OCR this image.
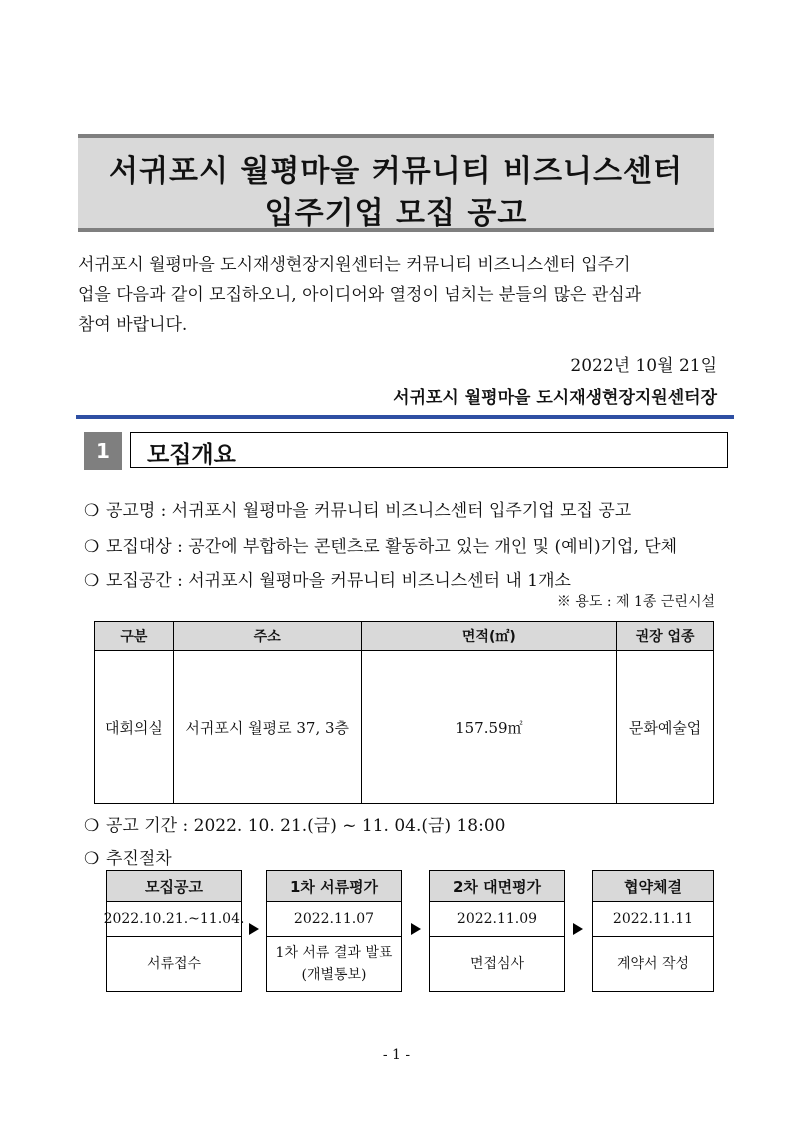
서귀포시 월평마을 커뮤니티 비즈니스센터
입주기업 모집 공고
서귀포시 월평마을 도시재생현장지원센터는 커뮤니티 비즈니스센터 입주기
업을 다음과 같이 모집하오니, 아이디어와 열정이 넘치는 분들의 많은 관심과
참여 바랍니다.
2022년 10월 21일
서귀포시 월평마을 도시재생현장지원센터장
1	모집개요
❍ 공고명 : 서귀포시 월평마을 커뮤니티 비즈니스센터 입주기업 모집 공고
❍ 모집대상 : 공간에 부합하는 콘텐츠로 활동하고 있는 개인 및 (예비)기업, 단체
❍ 모집공간 : 서귀포시 월평마을 커뮤니티 비즈니스센터 내 1개소
※ 용도 : 제 1종 근린시설
구분	주소	면적(㎡)	권장 업종
대회의실	서귀포시 월평로 37, 3층	157.59㎡	문화예술업
❍ 공고 기간 : 2022. 10. 21.(금) ~ 11. 04.(금) 18:00
❍ 추진절차
모집공고
2022.10.21.~11.04.
서류접수
1차 서류평가
2022.11.07
1차 서류 결과 발표
(개별통보)
2차 대면평가
2022.11.09
면접심사
협약체결
2022.11.11
계약서 작성
- 1 -
